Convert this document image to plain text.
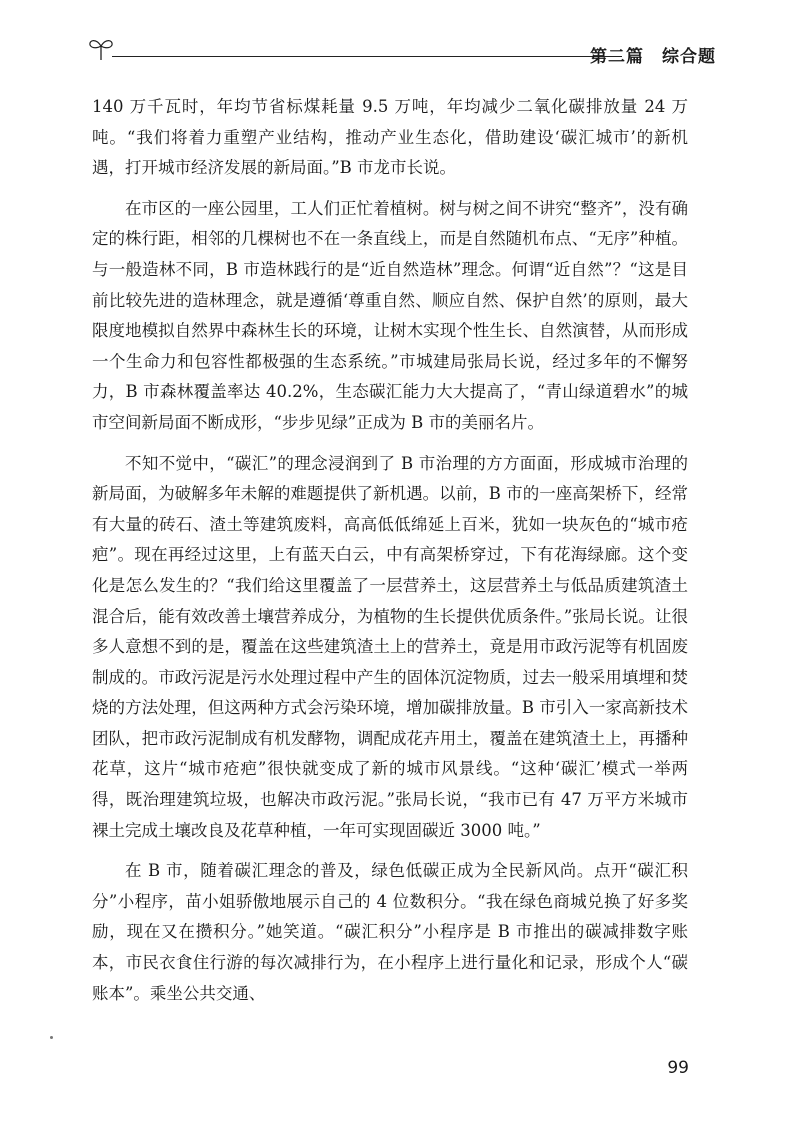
第二篇　综合题

140 万千瓦时，年均节省标煤耗量 9.5 万吨，年均减少二氧化碳排放量 24 万吨。“我们将着力重塑产业结构，推动产业生态化，借助建设‘碳汇城市’的新机遇，打开城市经济发展的新局面。”B 市龙市长说。

在市区的一座公园里，工人们正忙着植树。树与树之间不讲究“整齐”，没有确定的株行距，相邻的几棵树也不在一条直线上，而是自然随机布点、“无序”种植。与一般造林不同，B 市造林践行的是“近自然造林”理念。何谓“近自然”？“这是目前比较先进的造林理念，就是遵循‘尊重自然、顺应自然、保护自然’的原则，最大限度地模拟自然界中森林生长的环境，让树木实现个性生长、自然演替，从而形成一个生命力和包容性都极强的生态系统。”市城建局张局长说，经过多年的不懈努力，B 市森林覆盖率达 40.2%，生态碳汇能力大大提高了，“青山绿道碧水”的城市空间新局面不断成形，“步步见绿”正成为 B 市的美丽名片。

不知不觉中，“碳汇”的理念浸润到了 B 市治理的方方面面，形成城市治理的新局面，为破解多年未解的难题提供了新机遇。以前，B 市的一座高架桥下，经常有大量的砖石、渣土等建筑废料，高高低低绵延上百米，犹如一块灰色的“城市疮疤”。现在再经过这里，上有蓝天白云，中有高架桥穿过，下有花海绿廊。这个变化是怎么发生的？“我们给这里覆盖了一层营养土，这层营养土与低品质建筑渣土混合后，能有效改善土壤营养成分，为植物的生长提供优质条件。”张局长说。让很多人意想不到的是，覆盖在这些建筑渣土上的营养土，竟是用市政污泥等有机固废制成的。市政污泥是污水处理过程中产生的固体沉淀物质，过去一般采用填埋和焚烧的方法处理，但这两种方式会污染环境，增加碳排放量。B 市引入一家高新技术团队，把市政污泥制成有机发酵物，调配成花卉用土，覆盖在建筑渣土上，再播种花草，这片“城市疮疤”很快就变成了新的城市风景线。“这种‘碳汇’模式一举两得，既治理建筑垃圾，也解决市政污泥。”张局长说，“我市已有 47 万平方米城市裸土完成土壤改良及花草种植，一年可实现固碳近 3000 吨。”

在 B 市，随着碳汇理念的普及，绿色低碳正成为全民新风尚。点开“碳汇积分”小程序，苗小姐骄傲地展示自己的 4 位数积分。“我在绿色商城兑换了好多奖励，现在又在攒积分。”她笑道。“碳汇积分”小程序是 B 市推出的碳减排数字账本，市民衣食住行游的每次减排行为，在小程序上进行量化和记录，形成个人“碳账本”。乘坐公共交通、

99
